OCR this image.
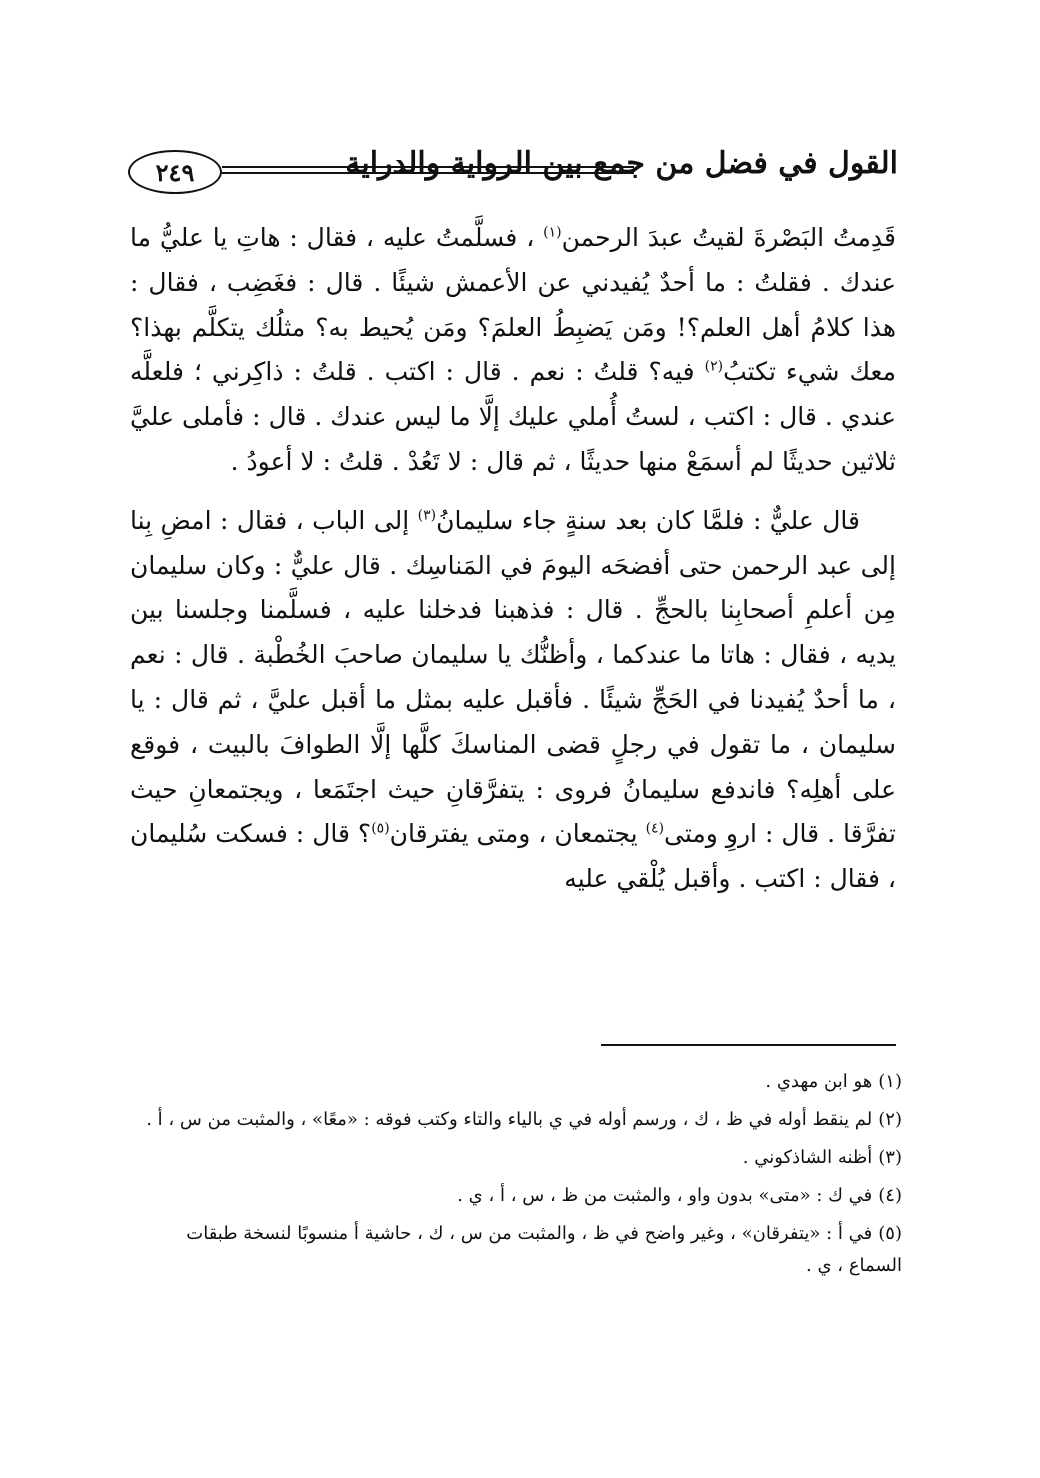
٢٤٩	القول في فضل من جمع بين الرواية والدراية

قَدِمتُ البَصْرةَ لقيتُ عبدَ الرحمن$^{(١)}$ ، فسلَّمتُ عليه ، فقال : هاتِ يا عليُّ ما عندك . فقلتُ : ما أحدٌ يُفيدني عن الأعمش شيئًا . قال : فغَضِب ، فقال : هذا كلامُ أهل العلم؟! ومَن يَضبِطُ العلمَ؟ ومَن يُحيط به؟ مثلُك يتكلَّم بهذا؟ معك شيء تكتبُ$^{(٢)}$ فيه؟ قلتُ : نعم . قال : اكتب . قلتُ : ذاكِرني ؛ فلعلَّه عندي . قال : اكتب ، لستُ أُملي عليك إلَّا ما ليس عندك . قال : فأملى عليَّ ثلاثين حديثًا لم أسمَعْ منها حديثًا ، ثم قال : لا تَعُدْ . قلتُ : لا أعودُ .

قال عليٌّ : فلمَّا كان بعد سنةٍ جاء سليمانُ$^{(٣)}$ إلى الباب ، فقال : امضِ بِنا إلى عبد الرحمن حتى أفضحَه اليومَ في المَناسِك . قال عليٌّ : وكان سليمان مِن أعلمِ أصحابِنا بالحجِّ . قال : فذهبنا فدخلنا عليه ، فسلَّمنا وجلسنا بين يديه ، فقال : هاتا ما عندكما ، وأظنُّك يا سليمان صاحبَ الخُطْبة . قال : نعم ، ما أحدٌ يُفيدنا في الحَجِّ شيئًا . فأقبل عليه بمثل ما أقبل عليَّ ، ثم قال : يا سليمان ، ما تقول في رجلٍ قضى المناسكَ كلَّها إلَّا الطوافَ بالبيت ، فوقع على أهلِه؟ فاندفع سليمانُ فروى : يتفرَّقانِ حيث اجتَمَعا ، ويجتمعانِ حيث تفرَّقا . قال : اروِ ومتى$^{(٤)}$ يجتمعان ، ومتى يفترقان$^{(٥)}$؟ قال : فسكت سُليمان ، فقال : اكتب . وأقبل يُلْقي عليه

(١)هو ابن مهدي .

(٢)لم ينقط أوله في ظ ، ك ، ورسم أوله في ي بالياء والتاء وكتب فوقه : «معًا» ، والمثبت من س ، أ .

(٣)أظنه الشاذكوني .

(٤)في ك : «متى» بدون واو ، والمثبت من ظ ، س ، أ ، ي .

(٥)في أ : «يتفرقان» ، وغير واضح في ظ ، والمثبت من س ، ك ، حاشية أ منسوبًا لنسخة طبقات السماع ، ي .
